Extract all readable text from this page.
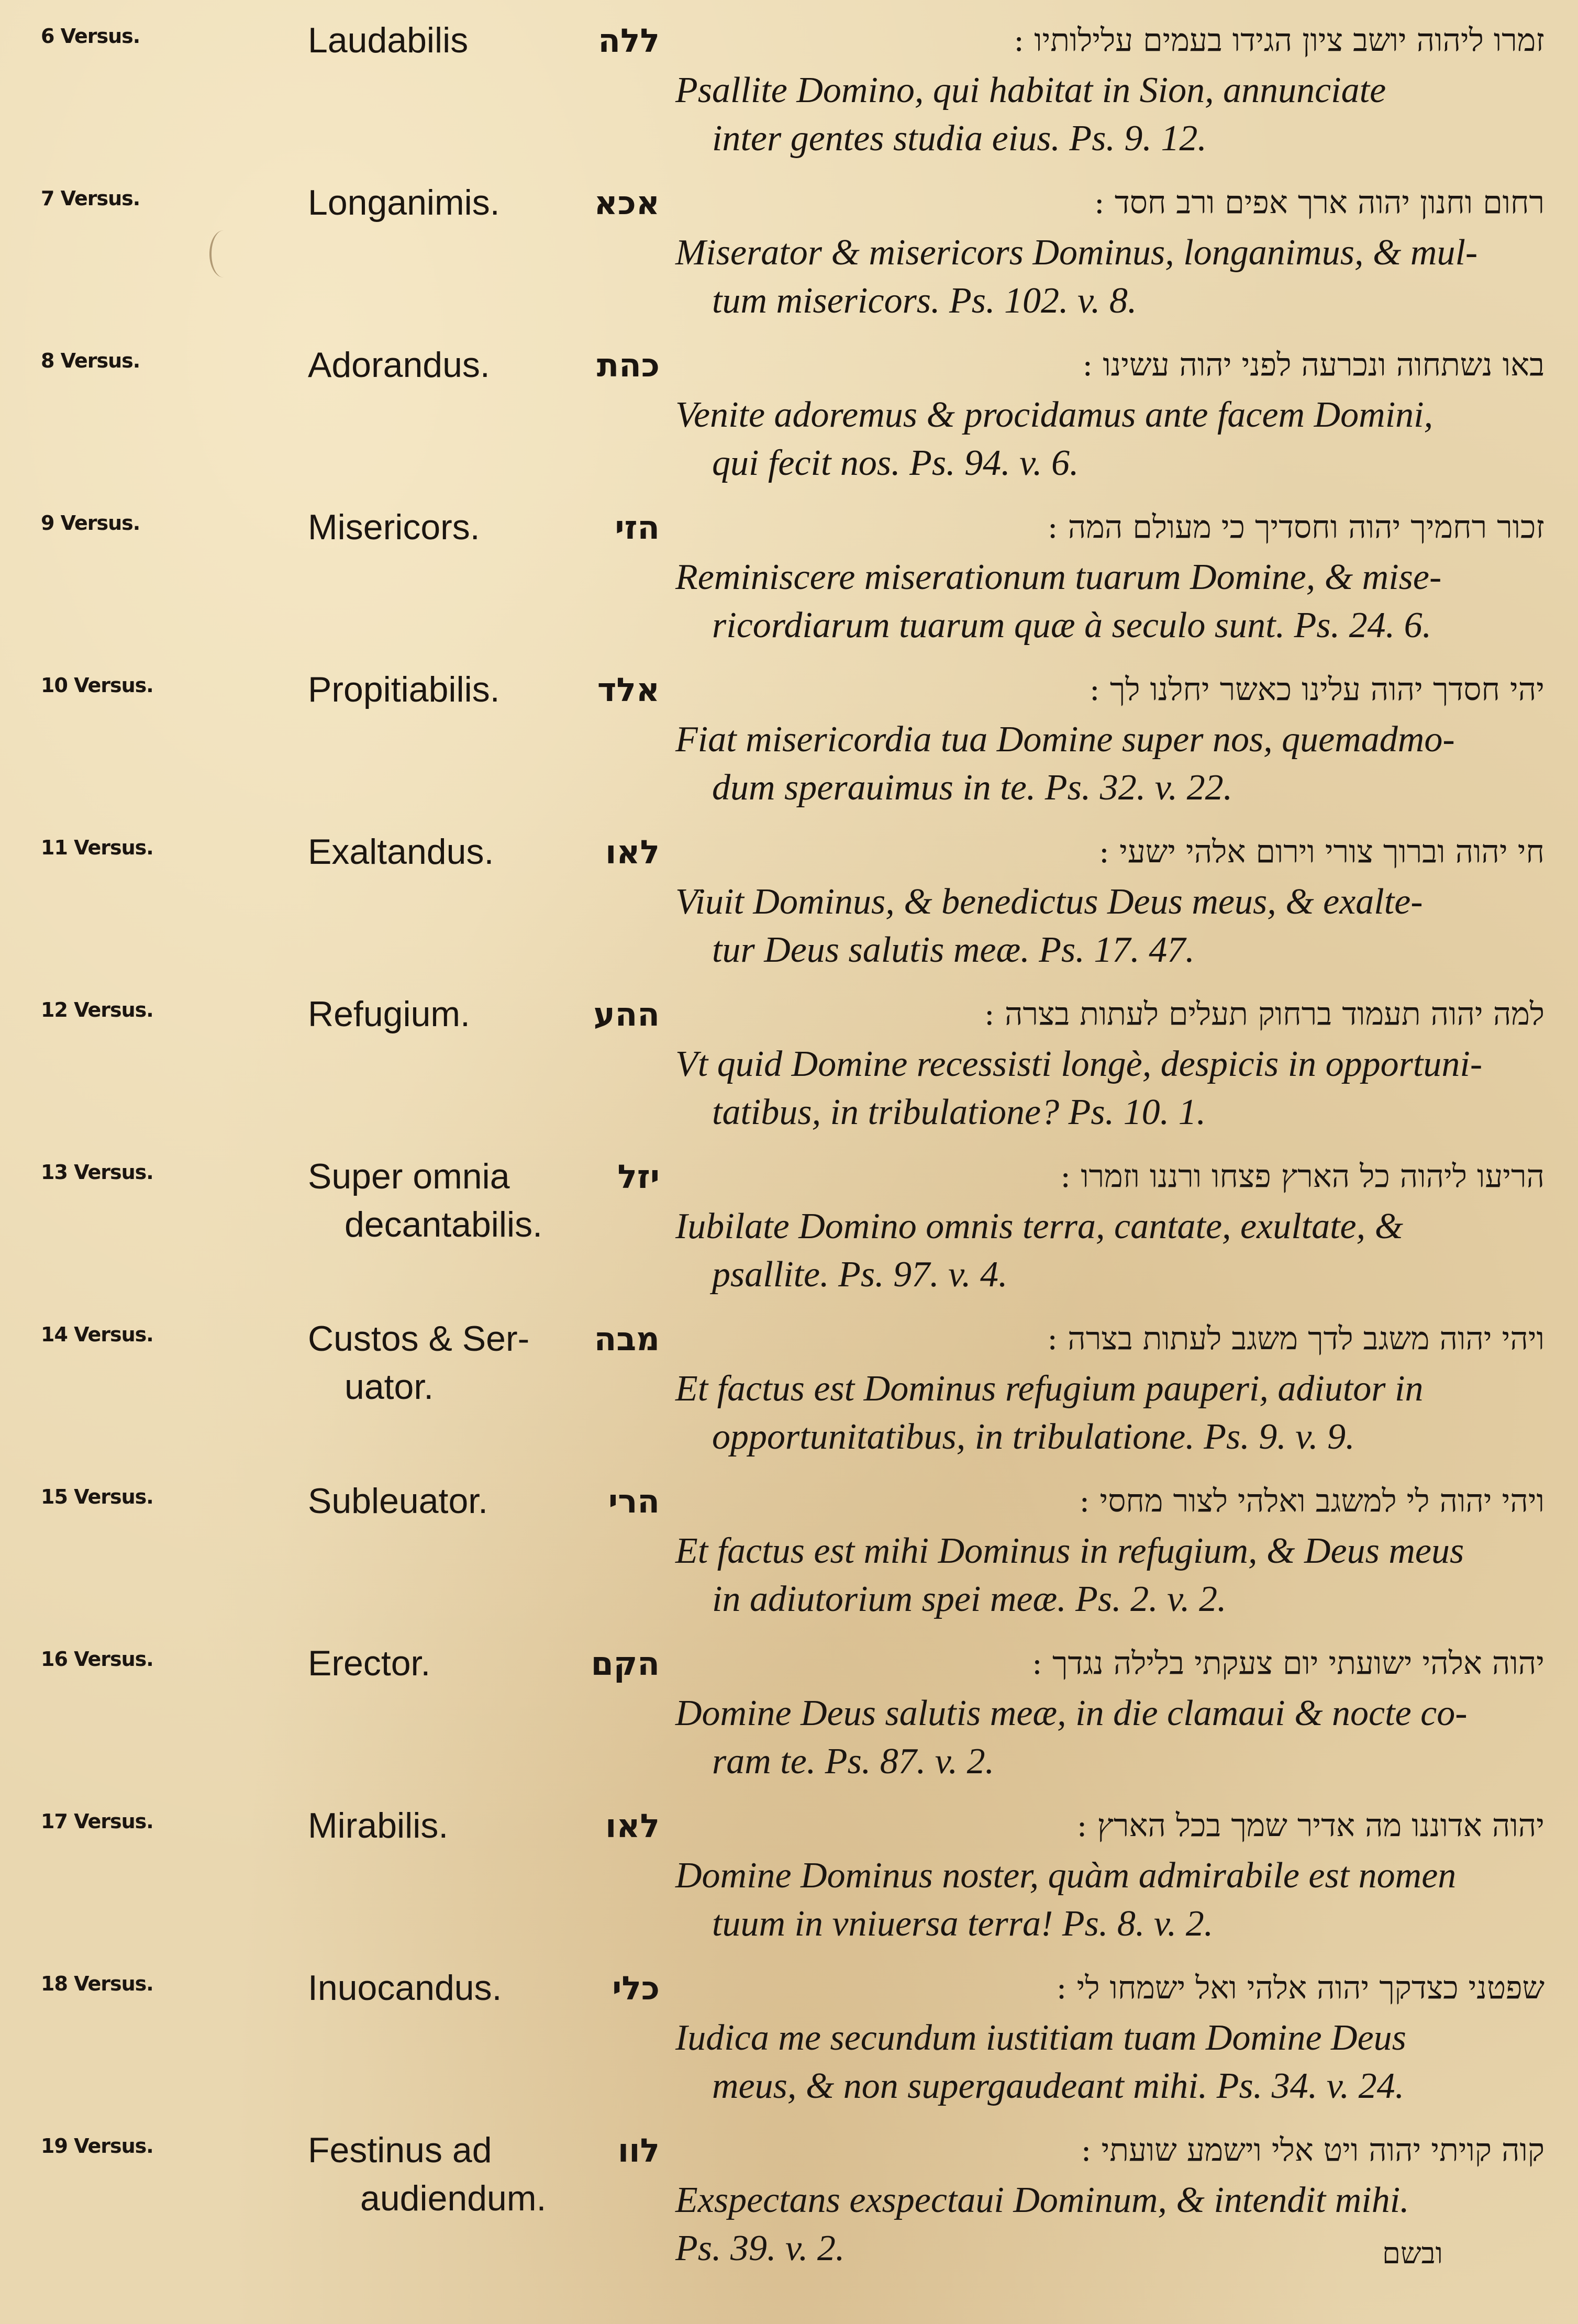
6 Versus.	Laudabilis	ללה	זמרו ליהוה יושב ציון הגידו בעמים עלילותיו :
Psallite Domino, qui habitat in Sion, annunciate
inter gentes studia eius. Ps. 9. 12.
7 Versus.	Longanimis.	אכא	רחום וחנון יהוה ארך אפים ורב חסד :
Miserator & misericors Dominus, longanimus, & mul-
tum misericors. Ps. 102. v. 8.
8 Versus.	Adorandus.	כהת	באו נשתחוה ונכרעה לפני יהוה עשינו :
Venite adoremus & procidamus ante facem Domini,
qui fecit nos. Ps. 94. v. 6.
9 Versus.	Misericors.	הזי	זכור רחמיך יהוה וחסדיך כי מעולם המה :
Reminiscere miserationum tuarum Domine, & mise-
ricordiarum tuarum quæ à seculo sunt. Ps. 24. 6.
10 Versus.	Propitiabilis.	אלד	יהי חסדך יהוה עלינו כאשר יחלנו לך :
Fiat misericordia tua Domine super nos, quemadmo-
dum sperauimus in te. Ps. 32. v. 22.
11 Versus.	Exaltandus.	לאו	חי יהוה וברוך צורי וירום אלהי ישעי :
Viuit Dominus, & benedictus Deus meus, & exalte-
tur Deus salutis meæ. Ps. 17. 47.
12 Versus.	Refugium.	ההע	למה יהוה תעמוד ברחוק תעלים לעתות בצרה :
Vt quid Domine recessisti longè, despicis in opportuni-
tatibus, in tribulatione? Ps. 10. 1.
13 Versus.	Super omnia
decantabilis.
יזל	הריעו ליהוה כל הארץ פצחו ורננו וזמרו :
Iubilate Domino omnis terra, cantate, exultate, &
psallite. Ps. 97. v. 4.
14 Versus.	Custos & Ser-
uator.
מבה	ויהי יהוה משגב לדך משגב לעתות בצרה :
Et factus est Dominus refugium pauperi, adiutor in
opportunitatibus, in tribulatione. Ps. 9. v. 9.
15 Versus.	Subleuator.	הרי	ויהי יהוה לי למשגב ואלהי לצור מחסי :
Et factus est mihi Dominus in refugium, & Deus meus
in adiutorium spei meæ. Ps. 2. v. 2.
16 Versus.	Erector.	הקם	יהוה אלהי ישועתי יום צעקתי בלילה נגדך :
Domine Deus salutis meæ, in die clamaui & nocte co-
ram te. Ps. 87. v. 2.
17 Versus.	Mirabilis.	לאו	יהוה אדוננו מה אדיר שמך בכל הארץ :
Domine Dominus noster, quàm admirabile est nomen
tuum in vniuersa terra! Ps. 8. v. 2.
18 Versus.	Inuocandus.	כלי	שפטני כצדקך יהוה אלהי ואל ישמחו לי :
Iudica me secundum iustitiam tuam Domine Deus
meus, & non supergaudeant mihi. Ps. 34. v. 24.
19 Versus.	Festinus ad
audiendum.
לוו	קוה קויתי יהוה ויט אלי וישמע שועתי :
Exspectans exspectaui Dominum, & intendit mihi.
Ps. 39. v. 2.	ובשם
